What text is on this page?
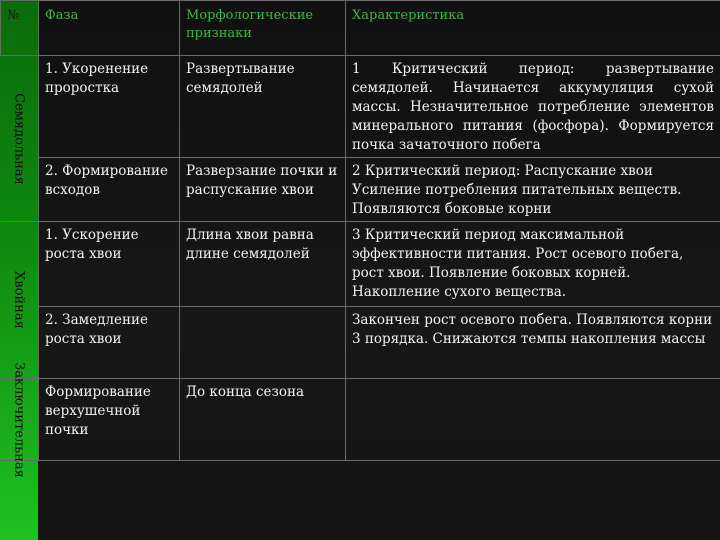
№	Фаза	Морфологические признаки	Характеристика

Семядольная	1. Укоренение проростка	Развертывание семядолей	1 Критический период: развертывание семядолей. Начинается аккумуляция сухой массы. Незначительное потребление элементов минерального питания (фосфора). Формируется почка зачаточного побега
	2. Формирование всходов	Разверзание почки и распускание хвои	2 Критический период: Распускание хвои Усиление потребления питательных веществ. Появляются боковые корни

Хвойная	1. Ускорение роста хвои	Длина хвои равна длине семядолей	3 Критический период максимальной эффективности питания. Рост осевого побега, рост хвои. Появление боковых корней. Накопление сухого вещества.
	2. Замедление роста хвои		Закончен рост осевого побега. Появляются корни 3 порядка. Снижаются темпы накопления массы

Заключительная	Формирование верхушечной почки	До конца сезона	
